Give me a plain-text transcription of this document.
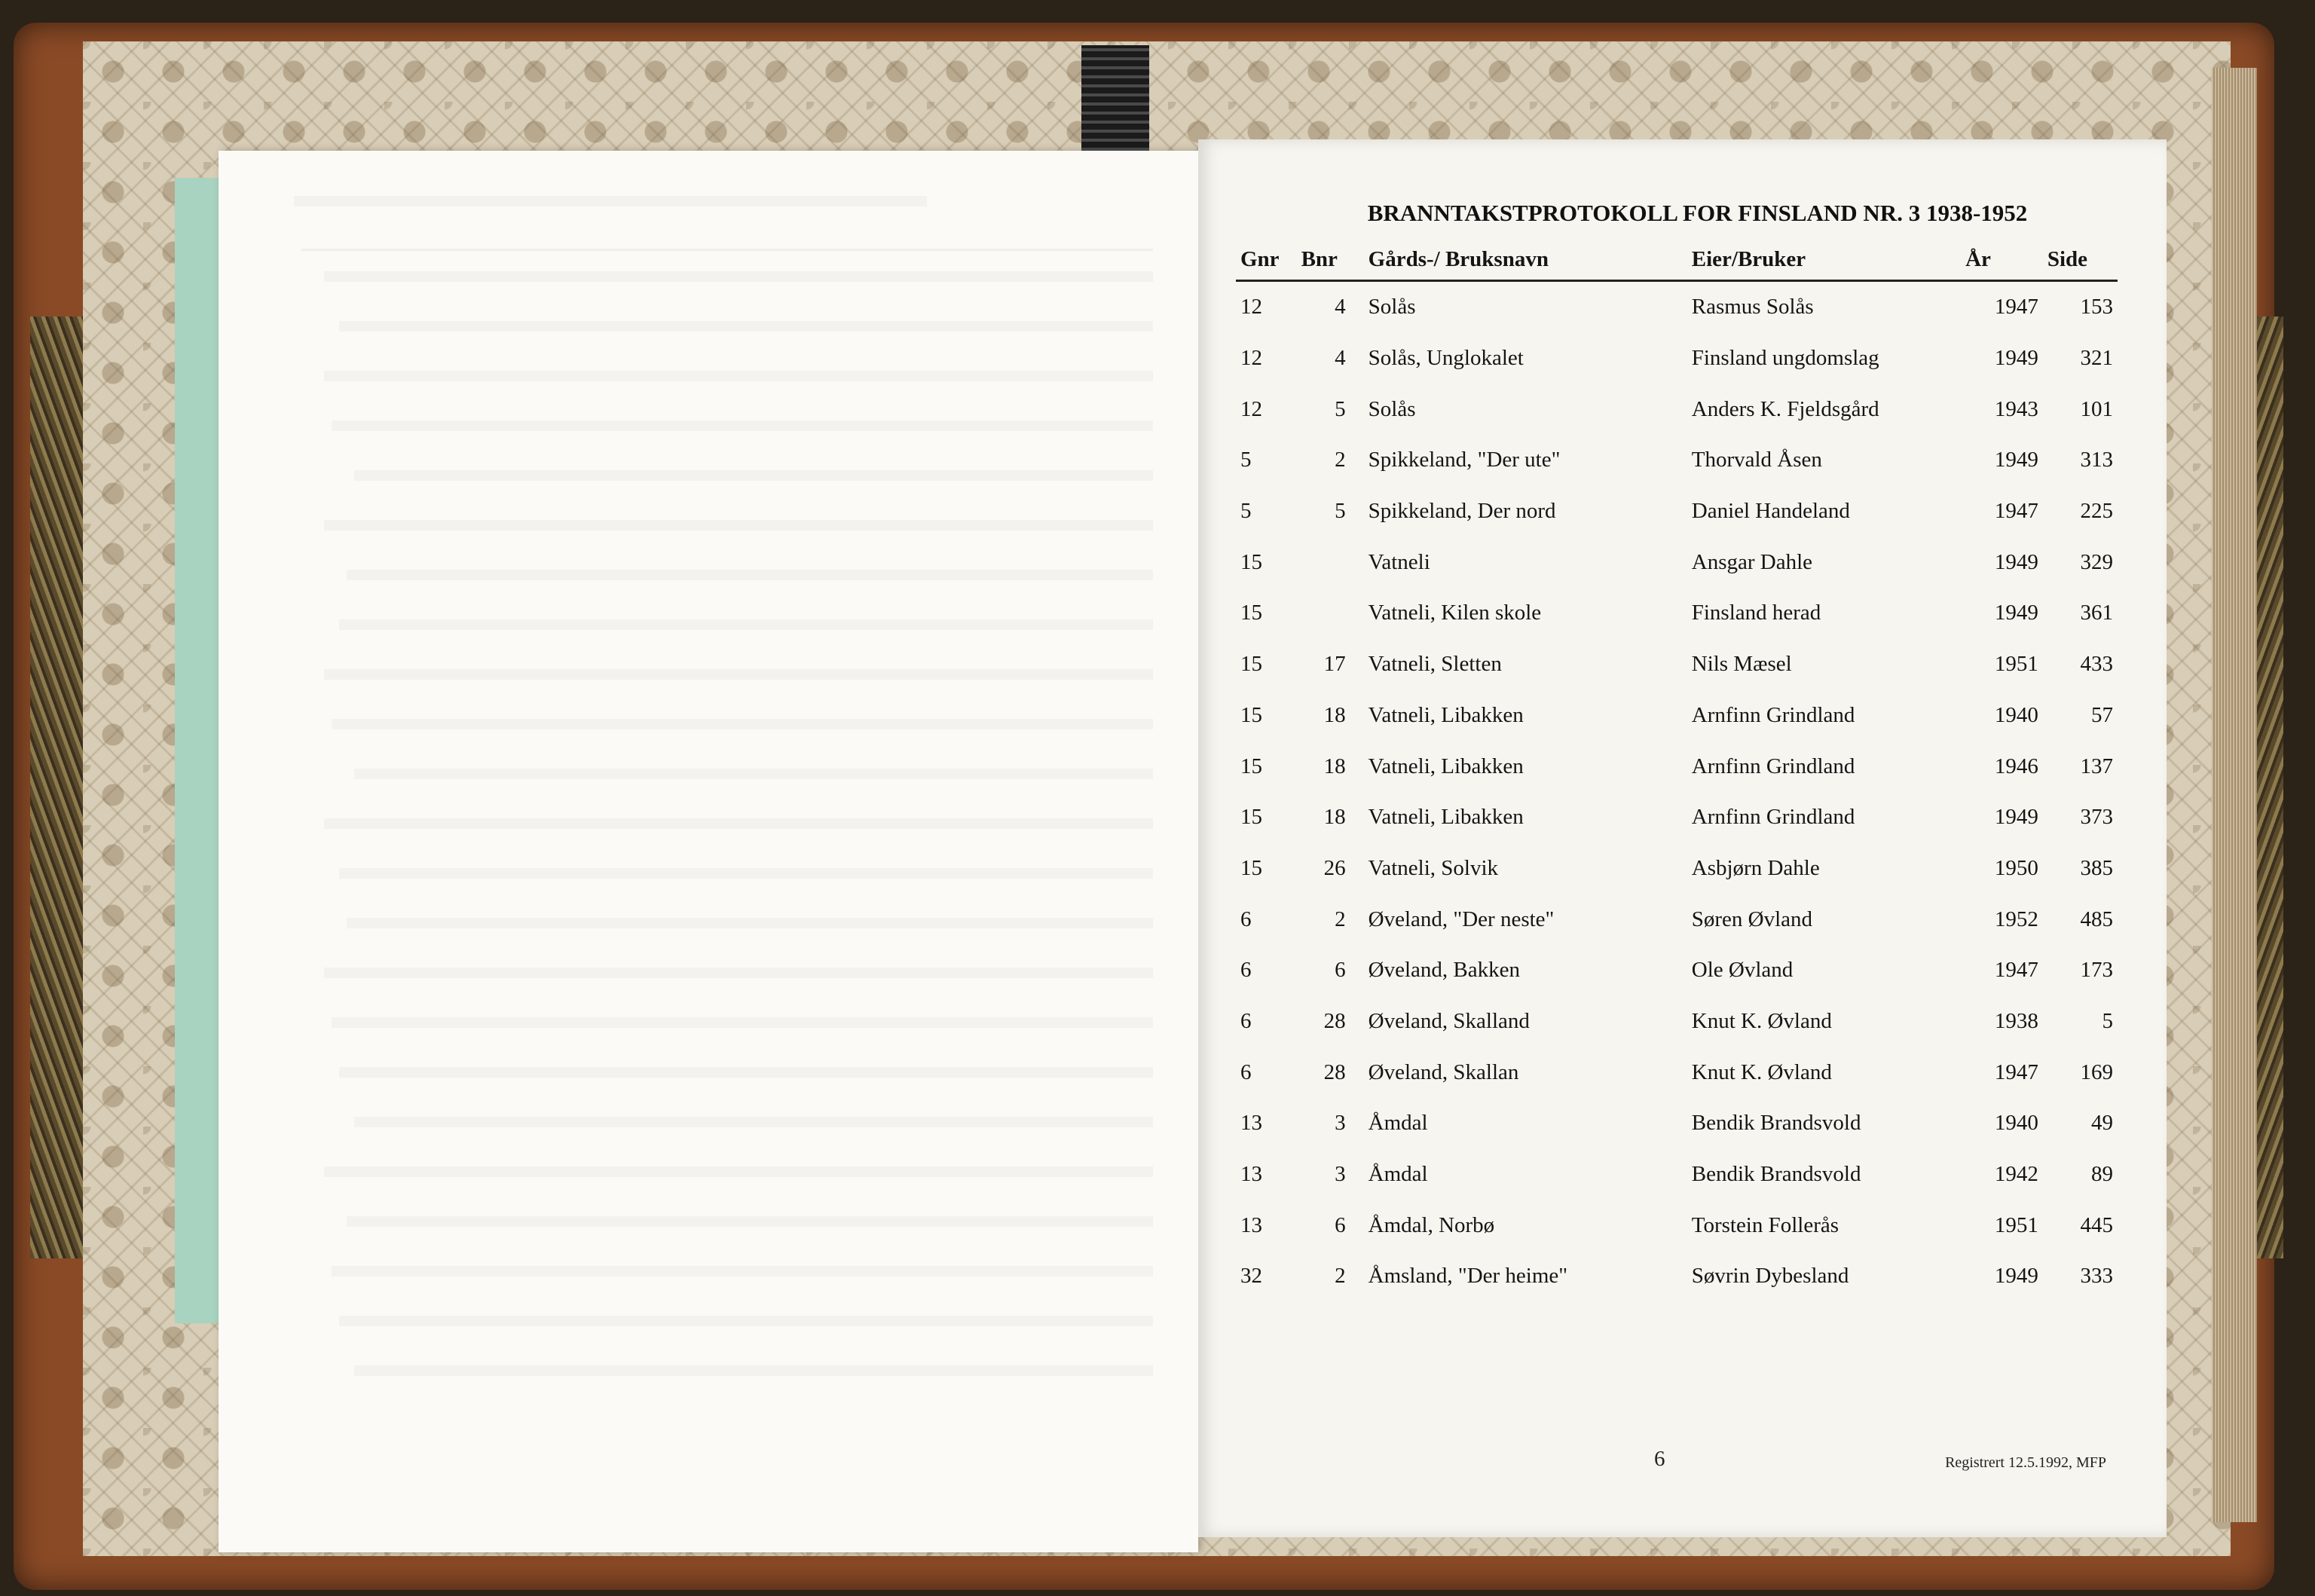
BRANNTAKSTPROTOKOLL FOR FINSLAND NR. 3 1938-1952
Gnr	Bnr	Gårds-/ Bruksnavn	Eier/Bruker	År	Side
12	4	Solås	Rasmus Solås	1947	153
12	4	Solås, Unglokalet	Finsland ungdomslag	1949	321
12	5	Solås	Anders K. Fjeldsgård	1943	101
5	2	Spikkeland, "Der ute"	Thorvald Åsen	1949	313
5	5	Spikkeland, Der nord	Daniel Handeland	1947	225
15		Vatneli	Ansgar Dahle	1949	329
15		Vatneli, Kilen skole	Finsland herad	1949	361
15	17	Vatneli, Sletten	Nils Mæsel	1951	433
15	18	Vatneli, Libakken	Arnfinn Grindland	1940	57
15	18	Vatneli, Libakken	Arnfinn Grindland	1946	137
15	18	Vatneli, Libakken	Arnfinn Grindland	1949	373
15	26	Vatneli, Solvik	Asbjørn Dahle	1950	385
6	2	Øveland, "Der neste"	Søren Øvland	1952	485
6	6	Øveland, Bakken	Ole Øvland	1947	173
6	28	Øveland, Skalland	Knut K. Øvland	1938	5
6	28	Øveland, Skallan	Knut K. Øvland	1947	169
13	3	Åmdal	Bendik Brandsvold	1940	49
13	3	Åmdal	Bendik Brandsvold	1942	89
13	6	Åmdal, Norbø	Torstein Follerås	1951	445
32	2	Åmsland, "Der heime"	Søvrin Dybesland	1949	333
6	Registrert 12.5.1992, MFP
